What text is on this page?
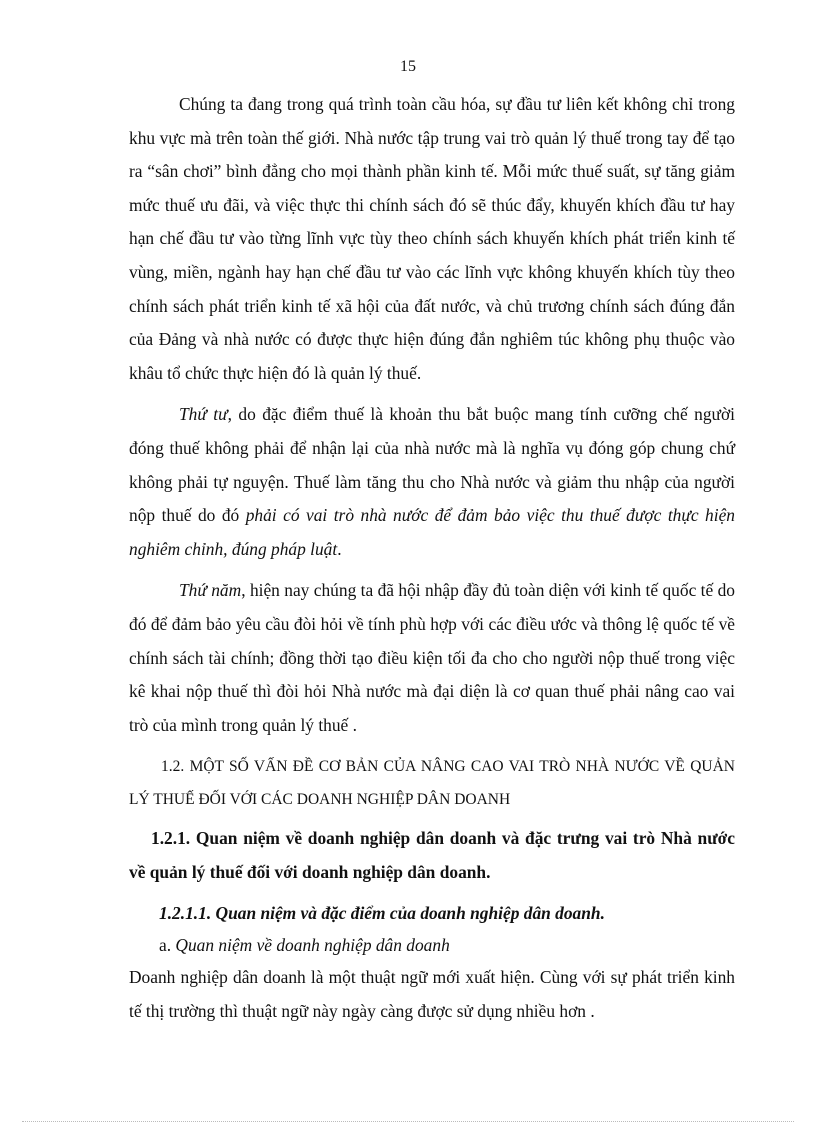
15

Chúng ta đang trong quá trình toàn cầu hóa, sự đầu tư liên kết không chỉ trong khu vực mà trên toàn thế giới. Nhà nước tập trung vai trò quản lý thuế trong tay để tạo ra “sân chơi” bình đẳng cho mọi thành phần kinh tế. Mỗi mức thuế suất, sự tăng giảm mức thuế ưu đãi, và việc thực thi chính sách đó sẽ thúc đẩy, khuyến khích đầu tư hay hạn chế đầu tư vào từng lĩnh vực tùy theo chính sách khuyến khích phát triển kinh tế vùng, miền, ngành hay hạn chế đầu tư vào các lĩnh vực không khuyến khích tùy theo chính sách phát triển kinh tế xã hội của đất nước, và chủ trương chính sách đúng đắn của Đảng và nhà nước có được thực hiện đúng đắn nghiêm túc không phụ thuộc vào khâu tổ chức thực hiện đó là quản lý thuế.

Thứ tư, do đặc điểm thuế là khoản thu bắt buộc mang tính cưỡng chế người đóng thuế không phải để nhận lại của nhà nước mà là nghĩa vụ đóng góp chung chứ không phải tự nguyện. Thuế làm tăng thu cho Nhà nước và giảm thu nhập của người nộp thuế do đó phải có vai trò nhà nước để đảm bảo việc thu thuế được thực hiện nghiêm chỉnh, đúng pháp luật.

Thứ năm, hiện nay chúng ta đã hội nhập đầy đủ toàn diện với kinh tế quốc tế do đó để đảm bảo yêu cầu đòi hỏi về tính phù hợp với các điều ước và thông lệ quốc tế về chính sách tài chính; đồng thời tạo điều kiện tối đa cho cho người nộp thuế trong việc kê khai nộp thuế thì đòi hỏi Nhà nước mà đại diện là cơ quan thuế phải nâng cao vai trò của mình trong quản lý thuế .

1.2. MỘT SỐ VẤN ĐỀ CƠ BẢN CỦA NÂNG CAO VAI TRÒ NHÀ NƯỚC VỀ QUẢN LÝ THUẾ ĐỐI VỚI CÁC DOANH NGHIỆP DÂN DOANH

1.2.1. Quan niệm về doanh nghiệp dân doanh và đặc trưng vai trò Nhà nước về quản lý thuế đối với doanh nghiệp dân doanh.

1.2.1.1. Quan niệm và đặc điểm của doanh nghiệp dân doanh.

a. Quan niệm về doanh nghiệp dân doanh

Doanh nghiệp dân doanh là một thuật ngữ mới xuất hiện. Cùng với sự phát triển kinh tế thị trường thì thuật ngữ này ngày càng được sử dụng nhiều hơn .
